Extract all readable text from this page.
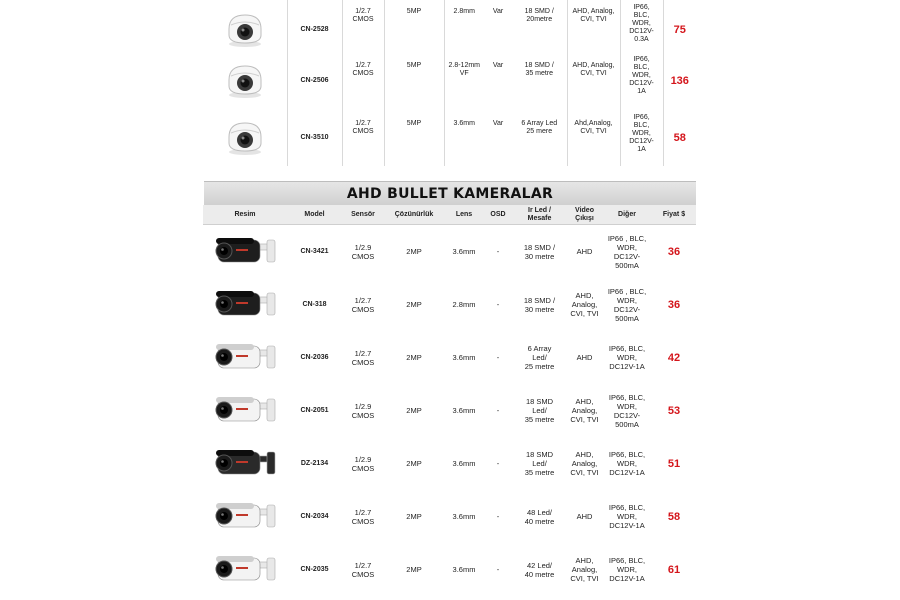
	CN-2528	1/2.7
CMOS	5MP	2.8mm	Var	18 SMD /
20metre	AHD, Analog,
CVI, TVI	IP66,
BLC,
WDR,
DC12V-
0.3A	75

	CN-2506	1/2.7
CMOS	5MP	2.8-12mm
VF	Var	18 SMD /
35 metre	AHD, Analog,
CVI, TVI	IP66,
BLC,
WDR,
DC12V-
1A	136

	CN-3510	1/2.7
CMOS	5MP	3.6mm	Var	6 Array Led
25 mere	Ahd,Analog,
CVI, TVI	IP66,
BLC,
WDR,
DC12V-
1A	58
AHD BULLET KAMERALAR
Resim	Model	Sensör	Çözünürlük	Lens	OSD	Ir Led /
Mesafe	Video
Çıkışı	Diğer	Fiyat $

	CN-3421	1/2.9
CMOS	2MP	3.6mm	-	18 SMD /
30 metre	AHD	IP66 , BLC,
WDR,
DC12V-
500mA	36

	CN-318	1/2.7
CMOS	2MP	2.8mm	-	18 SMD /
30 metre	AHD,
Analog,
CVI, TVI	IP66 , BLC,
WDR,
DC12V-
500mA	36

	CN-2036	1/2.7
CMOS	2MP	3.6mm	-	6 Array
Led/
25 metre	AHD	IP66, BLC,
WDR,
DC12V-1A	42

	CN-2051	1/2.9
CMOS	2MP	3.6mm	-	18 SMD
Led/
35 metre	AHD,
Analog,
CVI, TVI	IP66, BLC,
WDR,
DC12V-
500mA	53

	DZ-2134	1/2.9
CMOS	2MP	3.6mm	-	18 SMD
Led/
35 metre	AHD,
Analog,
CVI, TVI	IP66, BLC,
WDR,
DC12V-1A	51

	CN-2034	1/2.7
CMOS	2MP	3.6mm	-	48 Led/
40 metre	AHD	IP66, BLC,
WDR,
DC12V-1A	58

	CN-2035	1/2.7
CMOS	2MP	3.6mm	-	42 Led/
40 metre	AHD,
Analog,
CVI, TVI	IP66, BLC,
WDR,
DC12V-1A	61
